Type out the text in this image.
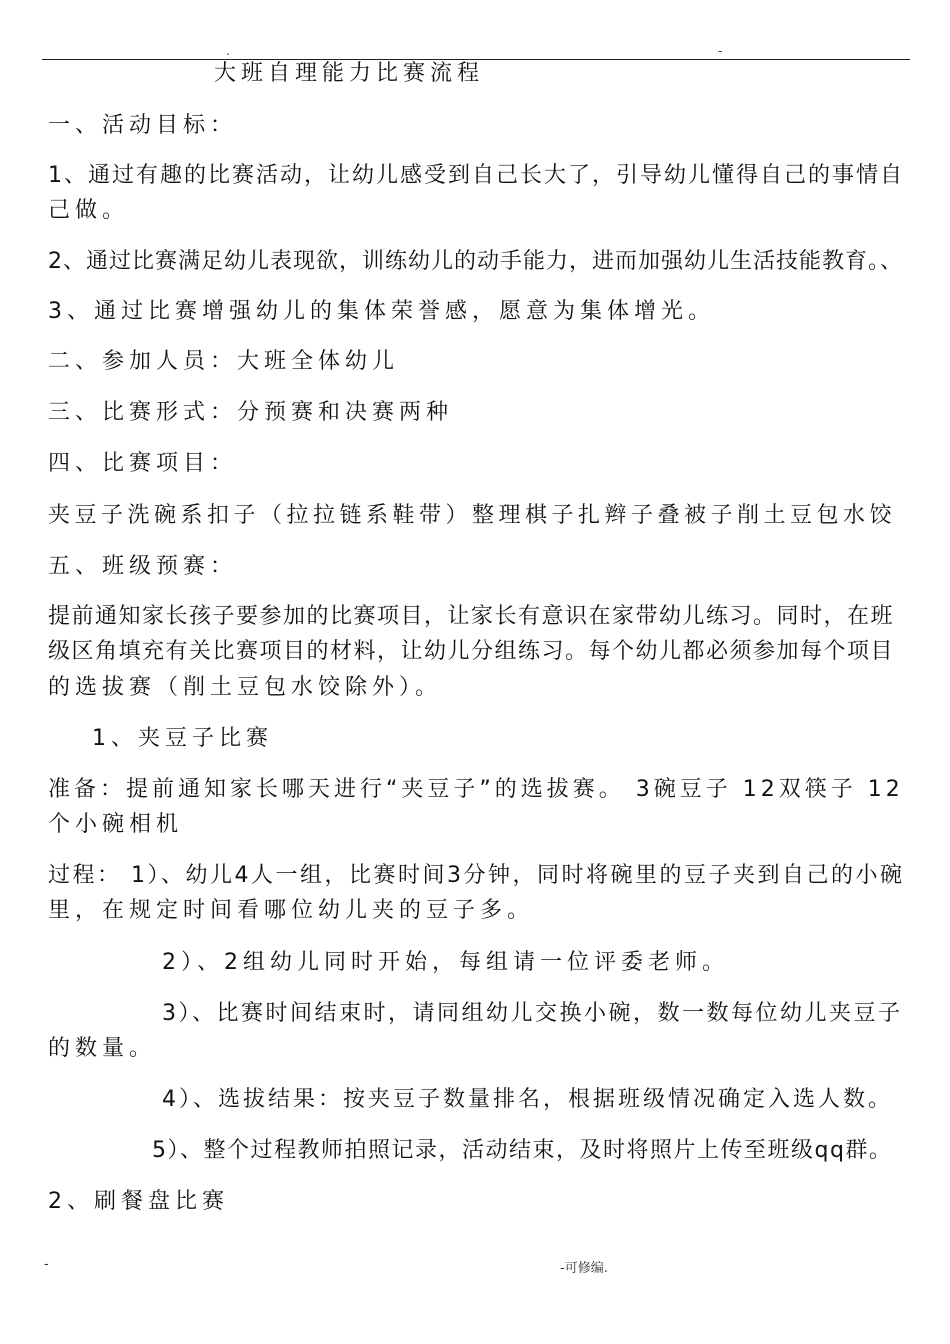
.	-
大班自理能力比赛流程
一、活动目标：
1、通过有趣的比赛活动，让幼儿感受到自己长大了，引导幼儿懂得自己的事情自
己做。
2、通过比赛满足幼儿表现欲，训练幼儿的动手能力，进而加强幼儿生活技能教育。、
3、通过比赛增强幼儿的集体荣誉感，愿意为集体增光。
二、参加人员：大班全体幼儿
三、比赛形式：分预赛和决赛两种
四、比赛项目：
夹豆子洗碗系扣子（拉拉链系鞋带）整理棋子扎辫子叠被子削土豆包水饺
五、班级预赛：
提前通知家长孩子要参加的比赛项目，让家长有意识在家带幼儿练习。同时，在班
级区角填充有关比赛项目的材料，让幼儿分组练习。每个幼儿都必须参加每个项目
的选拔赛（削土豆包水饺除外）。
1、夹豆子比赛
准备：提前通知家长哪天进行“夹豆子”的选拔赛。 3碗豆子 12双筷子 12
个小碗相机
过程： 1）、幼儿4人一组，比赛时间3分钟，同时将碗里的豆子夹到自己的小碗
里，在规定时间看哪位幼儿夹的豆子多。
2）、2组幼儿同时开始，每组请一位评委老师。
3）、比赛时间结束时，请同组幼儿交换小碗，数一数每位幼儿夹豆子
的数量。
4）、选拔结果：按夹豆子数量排名，根据班级情况确定入选人数。
5）、整个过程教师拍照记录，活动结束，及时将照片上传至班级qq群。
2、刷餐盘比赛
-	-可修编.
